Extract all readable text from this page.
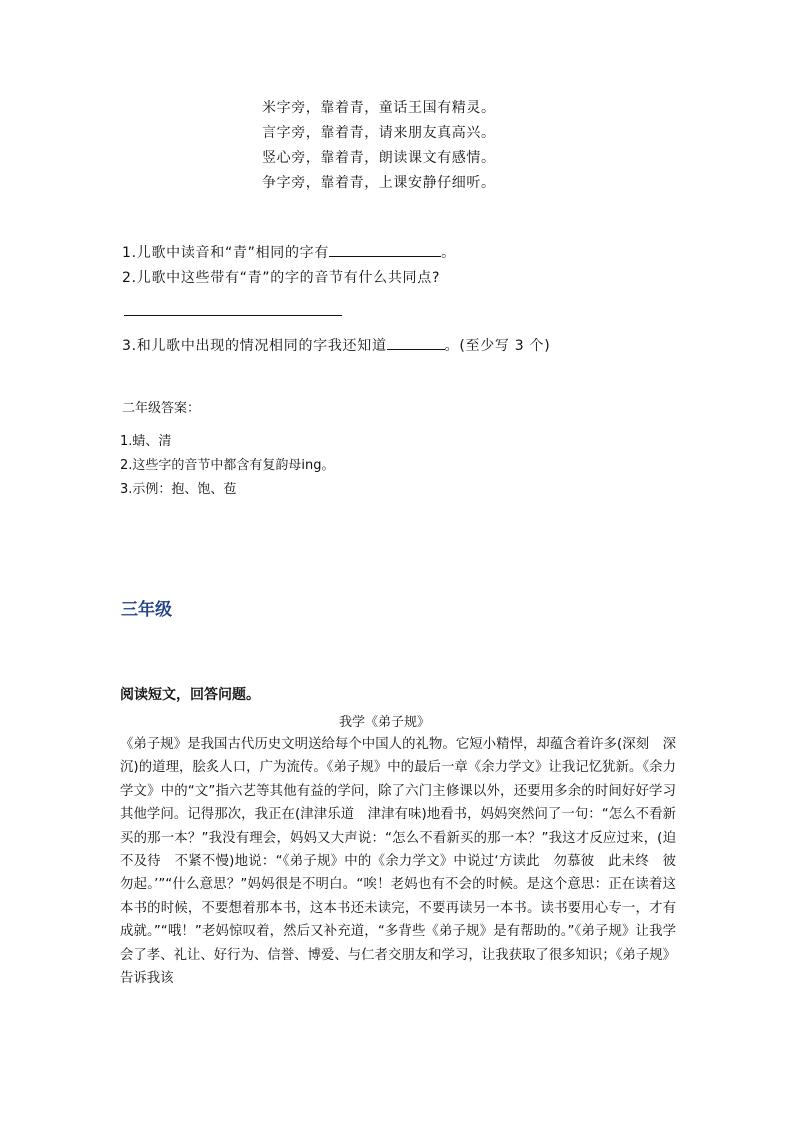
米字旁，靠着青，童话王国有精灵。
言字旁，靠着青，请来朋友真高兴。
竖心旁，靠着青，朗读课文有感情。
争字旁，靠着青，上课安静仔细听。
1.儿歌中读音和“青”相同的字有	。
2.儿歌中这些带有“青”的字的音节有什么共同点?
3.和儿歌中出现的情况相同的字我还知道	。(至少写 3 个)
二年级答案：
1.蜻、清
2.这些字的音节中都含有复韵母ing。
3.示例：抱、饱、苞
三年级
阅读短文，回答问题。
我学《弟子规》
《弟子规》是我国古代历史文明送给每个中国人的礼物。它短小精悍，却蕴含着许多(深刻　深沉)的道理，脍炙人口，广为流传。《弟子规》中的最后一章《余力学文》让我记忆犹新。《余力学文》中的“文”指六艺等其他有益的学问，除了六门主修课以外，还要用多余的时间好好学习其他学问。记得那次，我正在(津津乐道　津津有味)地看书，妈妈突然问了一句：“怎么不看新买的那一本？”我没有理会，妈妈又大声说：“怎么不看新买的那一本？”我这才反应过来，(迫不及待　不紧不慢)地说：“《弟子规》中的《余力学文》中说过‘方读此　勿慕彼　此未终　彼勿起。’”“什么意思？”妈妈很是不明白。“唉！老妈也有不会的时候。是这个意思：正在读着这本书的时候，不要想着那本书，这本书还未读完，不要再读另一本书。读书要用心专一，才有成就。”“哦！”老妈惊叹着，然后又补充道，“多背些《弟子规》是有帮助的。”《弟子规》让我学会了孝、礼让、好行为、信誉、博爱、与仁者交朋友和学习，让我获取了很多知识；《弟子规》告诉我该
